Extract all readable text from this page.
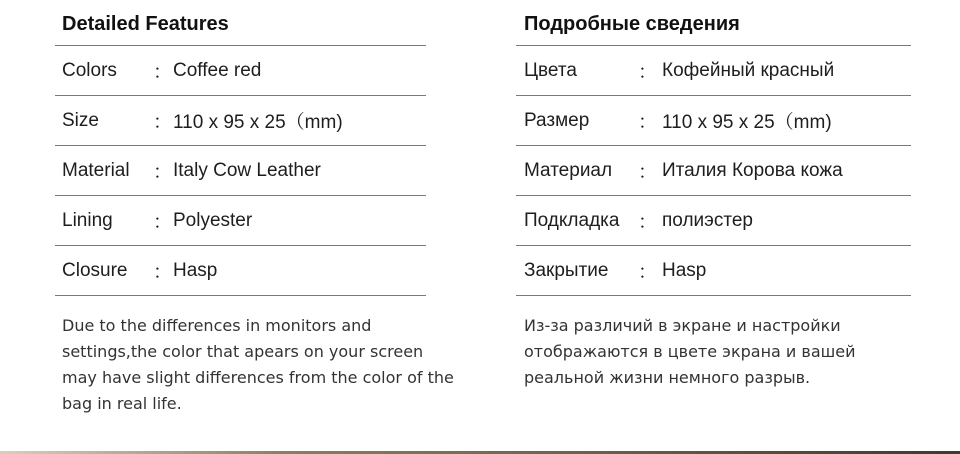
Detailed Features
Colors	： Coffee red
Size	： 110 x 95 x 25（mm)
Material	： Italy Cow Leather
Lining	： Polyester
Closure	： Hasp
Due to the differences in monitors and settings,the color that apears on your screen may have slight differences from the color of the bag in real life.
Подробные сведения
Цвета	： Кофейный красный
Размер	： 110 x 95 x 25（mm)
Материал	： Италия Корова кожа
Подкладка ： полиэстер
Закрытие	： Hasp
Из-за различий в экране и настройки отображаются в цвете экрана и вашей реальной жизни немного разрыв.
